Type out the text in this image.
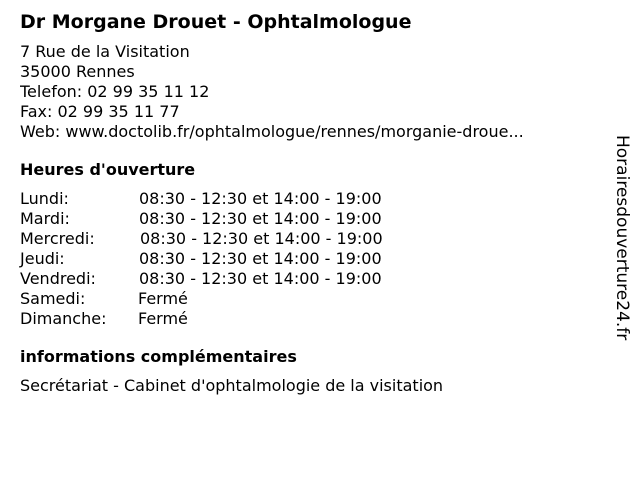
Dr Morgane Drouet - Ophtalmologue
7 Rue de la Visitation
35000 Rennes
Telefon: 02 99 35 11 12
Fax: 02 99 35 11 77
Web: www.doctolib.fr/ophtalmologue/rennes/morganie-droue...
Heures d'ouverture
Lundi:	08:30 - 12:30 et 14:00 - 19:00
Mardi:	08:30 - 12:30 et 14:00 - 19:00
Mercredi:	08:30 - 12:30 et 14:00 - 19:00
Jeudi:	08:30 - 12:30 et 14:00 - 19:00
Vendredi:	08:30 - 12:30 et 14:00 - 19:00
Samedi:	Fermé
Dimanche: Fermé
informations complémentaires
Secrétariat - Cabinet d'ophtalmologie de la visitation
Horairesdouverture24.fr
